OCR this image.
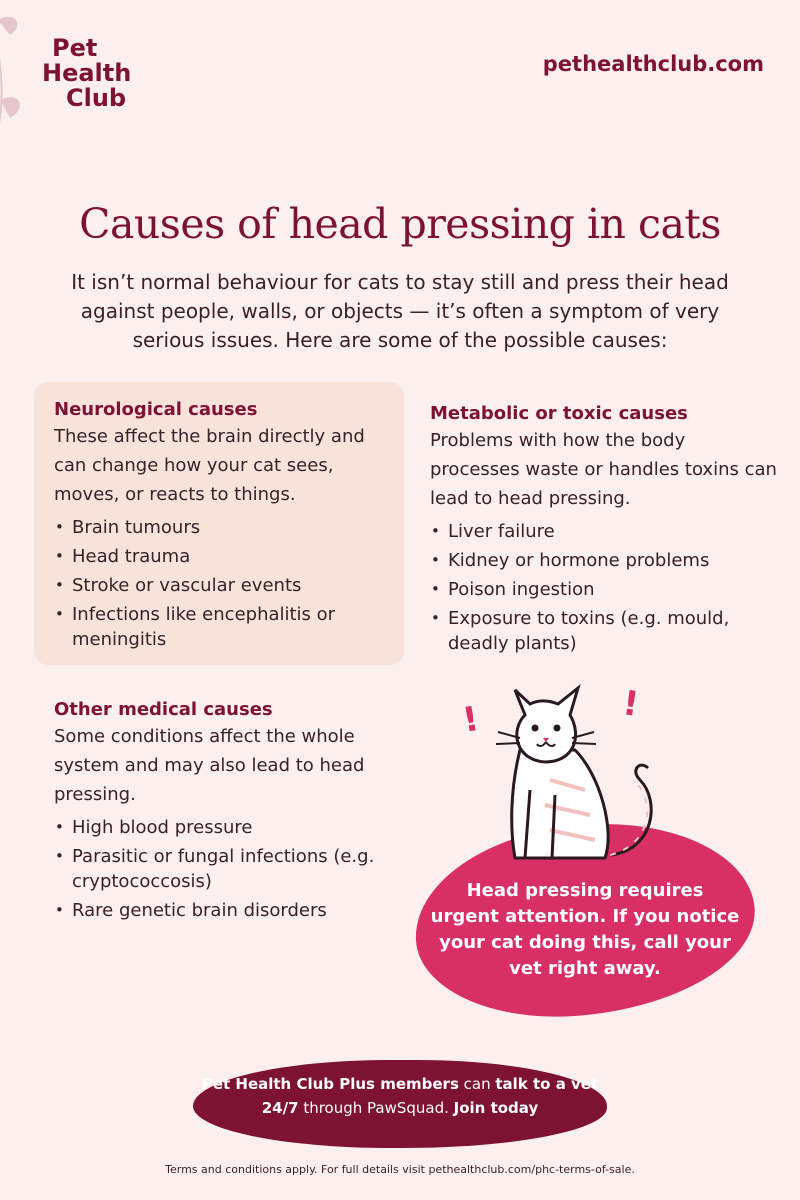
Pet
Health
Club
pethealthclub.com
Causes of head pressing in cats

It isn’t normal behaviour for cats to stay still and press their head against people, walls, or objects — it’s often a symptom of very serious issues. Here are some of the possible causes:

Neurological causes
These affect the brain directly and can change how your cat sees, moves, or reacts to things.
• Brain tumours
• Head trauma
• Stroke or vascular events
• Infections like encephalitis or meningitis
Metabolic or toxic causes
Problems with how the body processes waste or handles toxins can lead to head pressing.
• Liver failure
• Kidney or hormone problems
• Poison ingestion
• Exposure to toxins (e.g. mould, deadly plants)
Other medical causes
Some conditions affect the whole system and may also lead to head pressing.
• High blood pressure
• Parasitic or fungal infections (e.g. cryptococcosis)
• Rare genetic brain disorders
!	!
Head pressing requires urgent attention. If you notice your cat doing this, call your vet right away.
Pet Health Club Plus members can talk to a vet 24/7 through PawSquad. Join today
Terms and conditions apply. For full details visit pethealthclub.com/phc-terms-of-sale.
